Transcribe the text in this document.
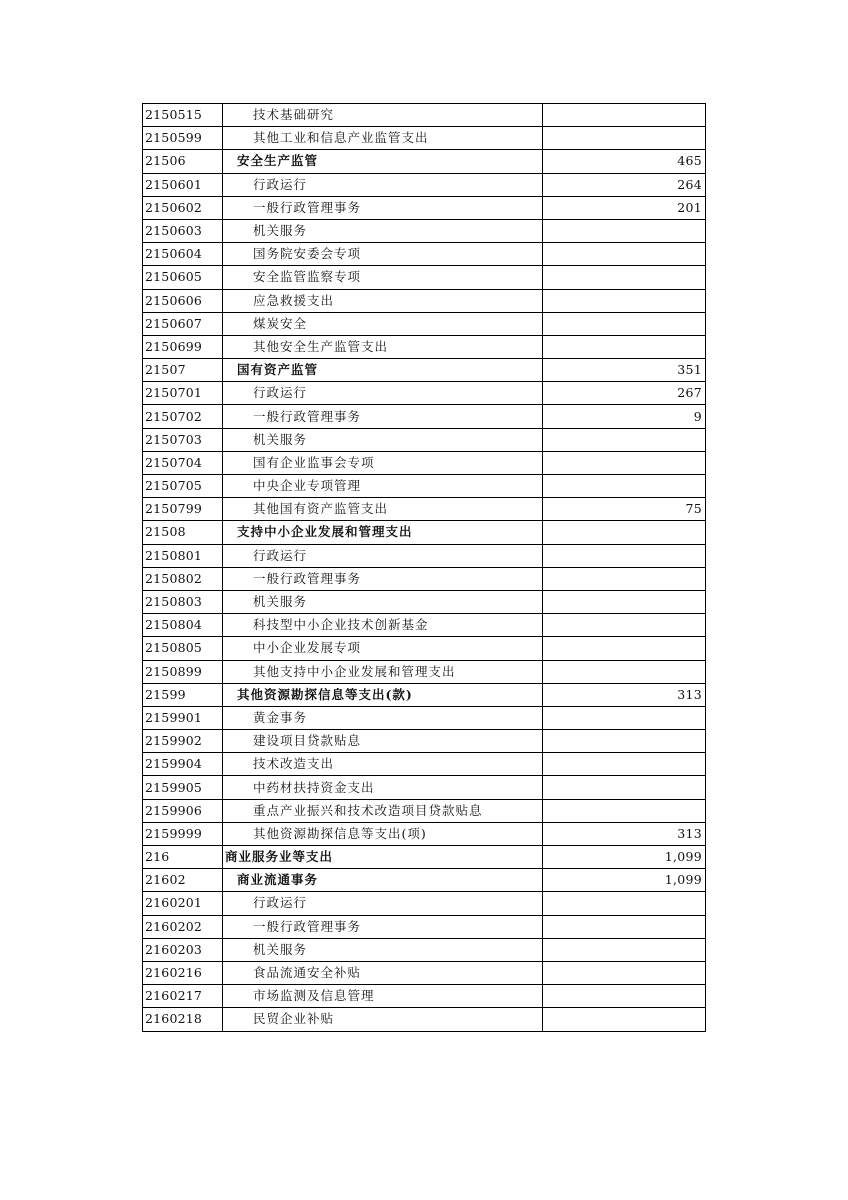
2150515	技术基础研究	
2150599	其他工业和信息产业监管支出	
21506	安全生产监管	465
2150601	行政运行	264
2150602	一般行政管理事务	201
2150603	机关服务	
2150604	国务院安委会专项	
2150605	安全监管监察专项	
2150606	应急救援支出	
2150607	煤炭安全	
2150699	其他安全生产监管支出	
21507	国有资产监管	351
2150701	行政运行	267
2150702	一般行政管理事务	9
2150703	机关服务	
2150704	国有企业监事会专项	
2150705	中央企业专项管理	
2150799	其他国有资产监管支出	75
21508	支持中小企业发展和管理支出	
2150801	行政运行	
2150802	一般行政管理事务	
2150803	机关服务	
2150804	科技型中小企业技术创新基金	
2150805	中小企业发展专项	
2150899	其他支持中小企业发展和管理支出	
21599	其他资源勘探信息等支出(款)	313
2159901	黄金事务	
2159902	建设项目贷款贴息	
2159904	技术改造支出	
2159905	中药材扶持资金支出	
2159906	重点产业振兴和技术改造项目贷款贴息	
2159999	其他资源勘探信息等支出(项)	313
216	商业服务业等支出	1,099
21602	商业流通事务	1,099
2160201	行政运行	
2160202	一般行政管理事务	
2160203	机关服务	
2160216	食品流通安全补贴	
2160217	市场监测及信息管理	
2160218	民贸企业补贴	
